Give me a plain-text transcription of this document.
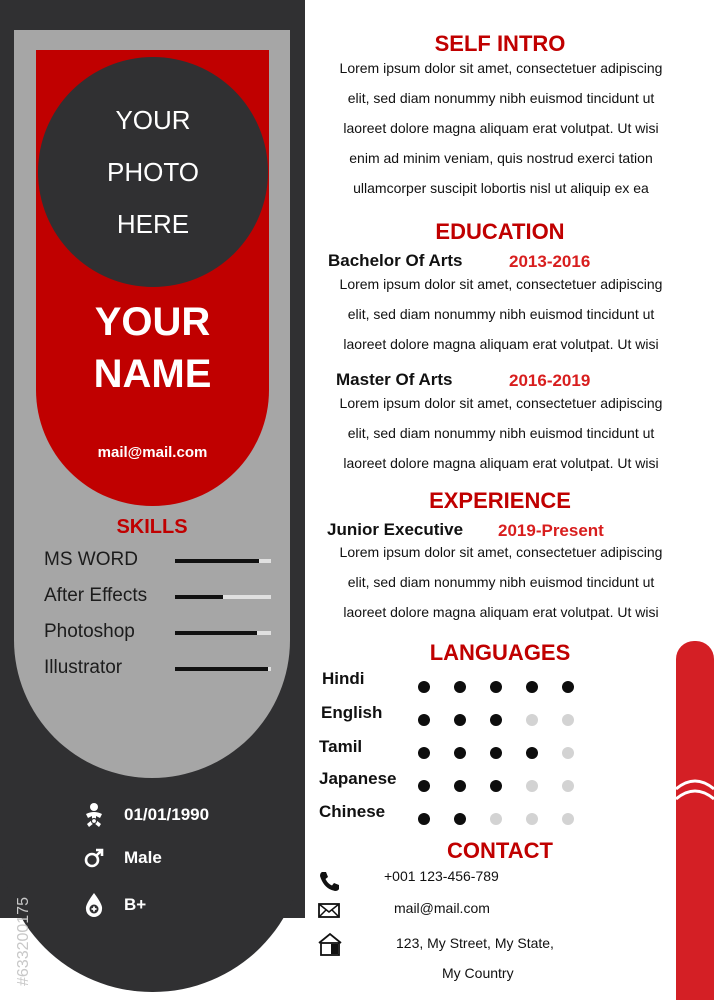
YOUR
PHOTO
HERE
YOUR
NAME
mail@mail.com
SKILLS
MS WORD
After Effects
Photoshop
Illustrator
01/01/1990
Male
B+
#633200175
SELF INTRO
Lorem ipsum dolor sit amet, consectetuer adipiscing
elit, sed diam nonummy nibh euismod tincidunt ut
laoreet dolore magna aliquam erat volutpat. Ut wisi
enim ad minim veniam, quis nostrud exerci tation
ullamcorper suscipit lobortis nisl ut aliquip ex ea
EDUCATION
Bachelor Of Arts	2013-2016
Lorem ipsum dolor sit amet, consectetuer adipiscing
elit, sed diam nonummy nibh euismod tincidunt ut
laoreet dolore magna aliquam erat volutpat. Ut wisi
Master Of Arts	2016-2019
Lorem ipsum dolor sit amet, consectetuer adipiscing
elit, sed diam nonummy nibh euismod tincidunt ut
laoreet dolore magna aliquam erat volutpat. Ut wisi
EXPERIENCE
Junior Executive 2019-Present
Lorem ipsum dolor sit amet, consectetuer adipiscing
elit, sed diam nonummy nibh euismod tincidunt ut
laoreet dolore magna aliquam erat volutpat. Ut wisi
LANGUAGES
Hindi
English
Tamil
Japanese
Chinese
CONTACT
+001 123-456-789
mail@mail.com
123, My Street, My State,
My Country
